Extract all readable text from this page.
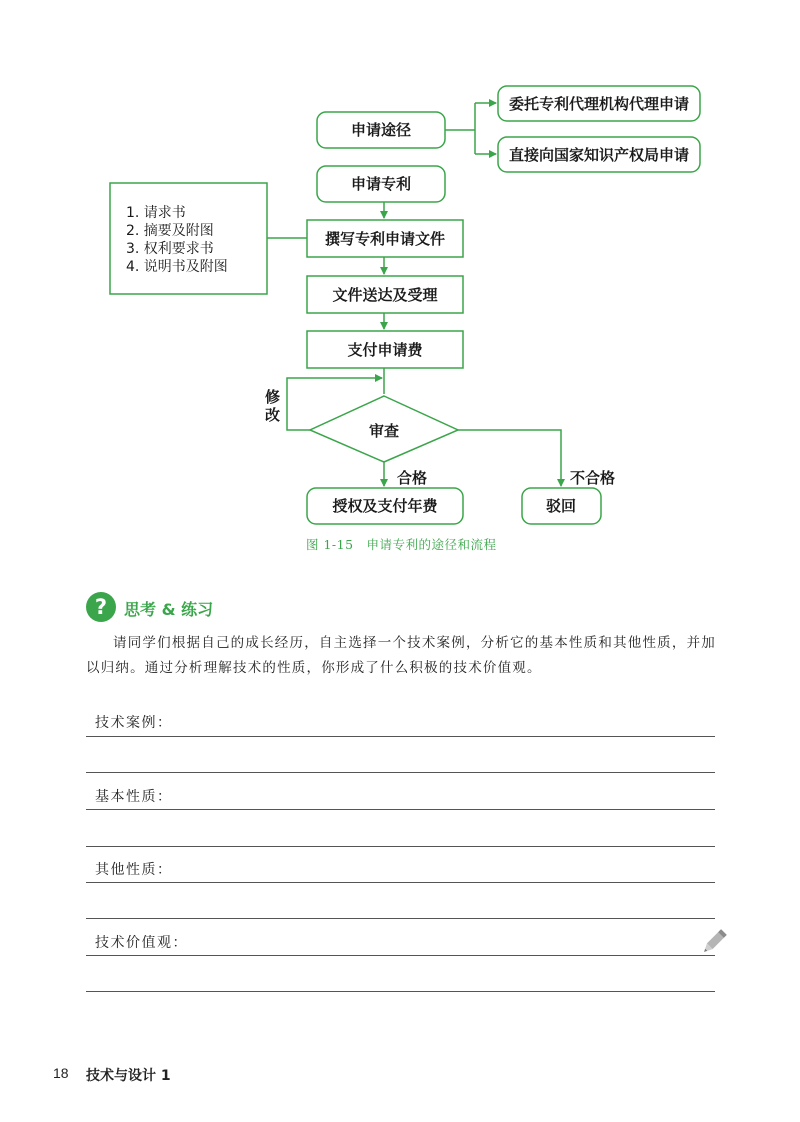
申请途径
委托专利代理机构代理申请
直接向国家知识产权局申请
申请专利
1. 请求书
2. 摘要及附图
3. 权利要求书
4. 说明书及附图
撰写专利申请文件
文件送达及受理
支付申请费
审查
修
改
合格	不合格
授权及支付年费	驳回
图 1-15　申请专利的途径和流程
?	思考 & 练习

请同学们根据自己的成长经历，自主选择一个技术案例，分析它的基本性质和其他性质，并加以归纳。通过分析理解技术的性质，你形成了什么积极的技术价值观。

技术案例：
基本性质：
其他性质：
技术价值观：
18 技术与设计 1
